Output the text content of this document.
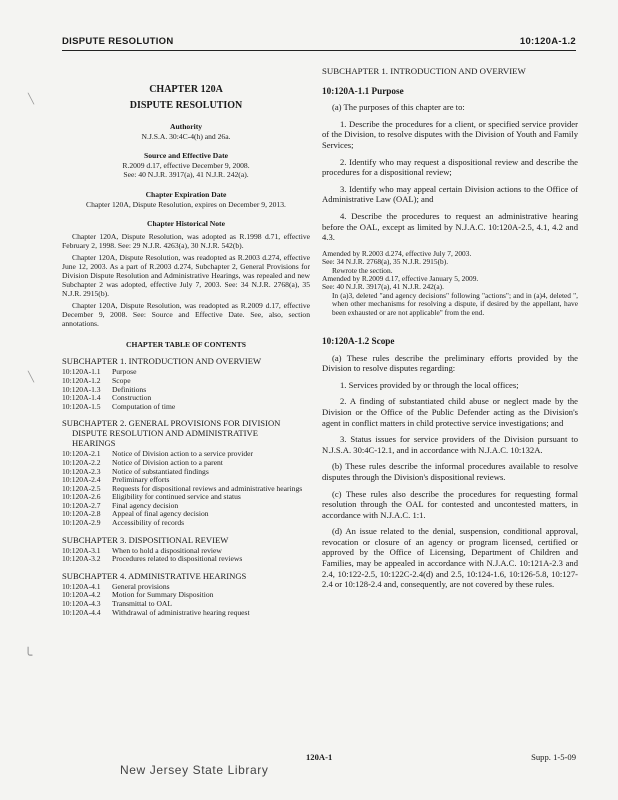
DISPUTE RESOLUTION	10:120A-1.2
╲
╲
╰
CHAPTER 120A
DISPUTE RESOLUTION
Authority
N.J.S.A. 30:4C-4(h) and 26a.
Source and Effective Date
R.2009 d.17, effective December 9, 2008.
See: 40 N.J.R. 3917(a), 41 N.J.R. 242(a).
Chapter Expiration Date
Chapter 120A, Dispute Resolution, expires on December 9, 2013.
Chapter Historical Note
Chapter 120A, Dispute Resolution, was adopted as R.1998 d.71, effective February 2, 1998. See: 29 N.J.R. 4263(a), 30 N.J.R. 542(b).
Chapter 120A, Dispute Resolution, was readopted as R.2003 d.274, effective June 12, 2003. As a part of R.2003 d.274, Subchapter 2, General Provisions for Division Dispute Resolution and Administrative Hearings, was repealed and new Subchapter 2 was adopted, effective July 7, 2003. See: 34 N.J.R. 2768(a), 35 N.J.R. 2915(b).
Chapter 120A, Dispute Resolution, was readopted as R.2009 d.17, effective December 9, 2008. See: Source and Effective Date. See, also, section annotations.
CHAPTER TABLE OF CONTENTS
SUBCHAPTER 1. INTRODUCTION AND OVERVIEW
10:120A-1.1	Purpose
10:120A-1.2	Scope
10:120A-1.3	Definitions
10:120A-1.4	Construction
10:120A-1.5	Computation of time
SUBCHAPTER 2. GENERAL PROVISIONS FOR DIVISION
DISPUTE RESOLUTION AND ADMINISTRATIVE
HEARINGS
10:120A-2.1	Notice of Division action to a service provider
10:120A-2.2	Notice of Division action to a parent
10:120A-2.3	Notice of substantiated findings
10:120A-2.4	Preliminary efforts
10:120A-2.5	Requests for dispositional reviews and administrative hearings
10:120A-2.6	Eligibility for continued service and status
10:120A-2.7	Final agency decision
10:120A-2.8	Appeal of final agency decision
10:120A-2.9	Accessibility of records
SUBCHAPTER 3. DISPOSITIONAL REVIEW
10:120A-3.1	When to hold a dispositional review
10:120A-3.2	Procedures related to dispositional reviews
SUBCHAPTER 4. ADMINISTRATIVE HEARINGS
10:120A-4.1	General provisions
10:120A-4.2	Motion for Summary Disposition
10:120A-4.3	Transmittal to OAL
10:120A-4.4	Withdrawal of administrative hearing request
SUBCHAPTER 1. INTRODUCTION AND OVERVIEW
10:120A-1.1 Purpose
(a) The purposes of this chapter are to:
1. Describe the procedures for a client, or specified service provider of the Division, to resolve disputes with the Division of Youth and Family Services;
2. Identify who may request a dispositional review and describe the procedures for a dispositional review;
3. Identify who may appeal certain Division actions to the Office of Administrative Law (OAL); and
4. Describe the procedures to request an administrative hearing before the OAL, except as limited by N.J.A.C. 10:120A-2.5, 4.1, 4.2 and 4.3.
Amended by R.2003 d.274, effective July 7, 2003.
See: 34 N.J.R. 2768(a), 35 N.J.R. 2915(b).
Rewrote the section.
Amended by R.2009 d.17, effective January 5, 2009.
See: 40 N.J.R. 3917(a), 41 N.J.R. 242(a).
In (a)3, deleted "and agency decisions" following "actions"; and in (a)4, deleted ", when other mechanisms for resolving a dispute, if desired by the appellant, have been exhausted or are not applicable" from the end.
10:120A-1.2 Scope
(a) These rules describe the preliminary efforts provided by the Division to resolve disputes regarding:
1. Services provided by or through the local offices;
2. A finding of substantiated child abuse or neglect made by the Division or the Office of the Public Defender acting as the Division's agent in conflict matters in child protective service investigations; and
3. Status issues for service providers of the Division pursuant to N.J.S.A. 30:4C-12.1, and in accordance with N.J.A.C. 10:132A.
(b) These rules describe the informal procedures available to resolve disputes through the Division's dispositional reviews.
(c) These rules also describe the procedures for requesting formal resolution through the OAL for contested and uncontested matters, in accordance with N.J.A.C. 1:1.
(d) An issue related to the denial, suspension, conditional approval, revocation or closure of an agency or program licensed, certified or approved by the Office of Licensing, Department of Children and Families, may be appealed in accordance with N.J.A.C. 10:121A-2.3 and 2.4, 10:122-2.5, 10:122C-2.4(d) and 2.5, 10:124-1.6, 10:126-5.8, 10:127-2.4 or 10:128-2.4 and, consequently, are not covered by these rules.
120A-1	Supp. 1-5-09
New Jersey State Library
